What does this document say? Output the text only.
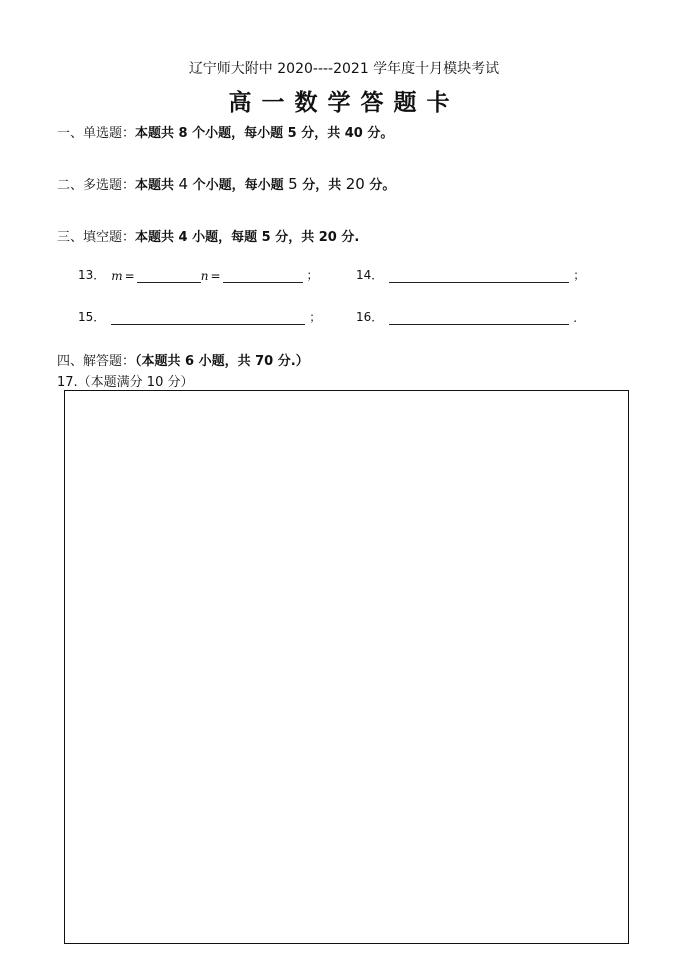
辽宁师大附中 2020----2021 学年度十月模块考试
高一数学答题卡
一、单选题：本题共 8 个小题，每小题 5 分，共 40 分。
二、多选题：本题共 4 个小题，每小题 5 分，共 20 分。
三、填空题：本题共 4 小题，每题 5 分，共 20 分.
13． m =	n =	；	14．	；
15．	；	16．	.
四、解答题：（本题共 6 小题，共 70 分.）
17.（本题满分 10 分）
